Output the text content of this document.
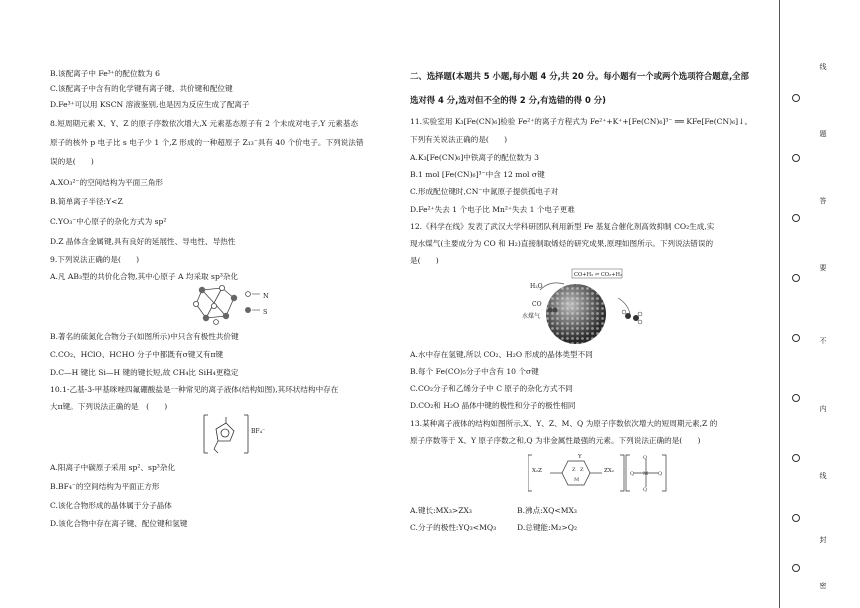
B.该配离子中 Fe³⁺的配位数为 6
C.该配离子中含有的化学键有离子键、共价键和配位键
D.Fe³⁺可以用 KSCN 溶液鉴别,也是因为反应生成了配离子
8.短周期元素 X、Y、Z 的原子序数依次增大,X 元素基态原子有 2 个未成对电子,Y 元素基态
原子的核外 p 电子比 s 电子少 1 个,Z 形成的一种超原子 Z₁₃⁻具有 40 个价电子。下列说法错
误的是(　　)
A.XO₃²⁻的空间结构为平面三角形
B.简单离子半径:Y<Z
C.YO₃⁻中心原子的杂化方式为 sp²
D.Z 晶体含金属键,具有良好的延展性、导电性、导热性
9.下列说法正确的是(　　)
A.凡 AB₃型的共价化合物,其中心原子 A 均采取 sp³杂化
N
S
B.著名的硫氮化合物分子(如图所示)中只含有极性共价键
C.CO₂、HClO、HCHO 分子中都既有σ键又有π键
D.C—H 键比 Si—H 键的键长短,故 CH₄比 SiH₄更稳定
10.1-乙基-3-甲基咪唑四氟硼酸盐是一种常见的离子液体(结构如图),其环状结构中存在
大π键。下列说法正确的是　(　　)
BF₄⁻
A.阳离子中碳原子采用 sp²、sp³杂化
B.BF₄⁻的空间结构为平面正方形
C.该化合物形成的晶体属于分子晶体
D.该化合物中存在离子键、配位键和氢键
二、选择题(本题共 5 小题,每小题 4 分,共 20 分。每小题有一个或两个选项符合题意,全部
选对得 4 分,选对但不全的得 2 分,有选错的得 0 分)
11.实验室用 K₃[Fe(CN)₆]检验 Fe²⁺的离子方程式为 Fe²⁺+K⁺+[Fe(CN)₆]³⁻ ══ KFe[Fe(CN)₆]↓。
下列有关说法正确的是(　　)
A.K₃[Fe(CN)₆]中铁离子的配位数为 3
B.1 mol [Fe(CN)₆]³⁻中含 12 mol σ键
C.形成配位键时,CN⁻中氮原子提供孤电子对
D.Fe²⁺失去 1 个电子比 Mn²⁺失去 1 个电子更难
12.《科学在线》发表了武汉大学科研团队利用新型 Fe 基复合催化剂高效抑制 CO₂生成,实
现水煤气(主要成分为 CO 和 H₂)直接制取烯烃的研究成果,原理如图所示。下列说法错误的
是(　　)
CO+H₂ ⇌ CO₂+H₂
H₂O
CO
水煤气
A.水中存在氢键,所以 CO₂、H₂O 形成的晶体类型不同
B.每个 Fe(CO)₅分子中含有 10 个σ键
C.CO₂分子和乙烯分子中 C 原子的杂化方式不同
D.CO₂和 H₂O 晶体中键的极性和分子的极性相同
13.某种离子液体的结构如图所示,X、Y、Z、M、Q 为原子序数依次增大的短周期元素,Z 的
原子序数等于 X、Y 原子序数之和,Q 为非金属性最强的元素。下列说法正确的是(　　)
Z Z
M
M
Q
Q
Q	Q
X₂Z	ZX₂
Y
A.键长:MX₃>ZX₃	B.沸点:XQ<MX₃
C.分子的极性:YQ₃<MQ₃	D.总键能:M₂>Q₂
线
题
答
要
不
内
线
封
密
